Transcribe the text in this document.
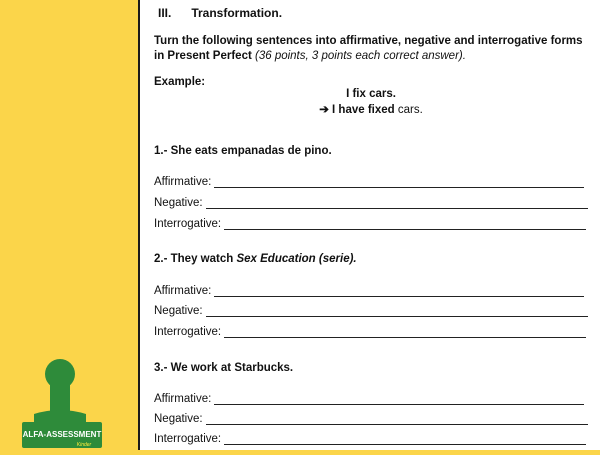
ALFA-ASSESSMENT
Kinder
III. Transformation.
Turn the following sentences into affirmative, negative and interrogative forms in Present Perfect (36 points, 3 points each correct answer).
Example:
I fix cars.
➔ I have fixed cars.
1.- She eats empanadas de pino.
Affirmative:
Negative:
Interrogative:
2.- They watch Sex Education (serie).
Affirmative:
Negative:
Interrogative:
3.- We work at Starbucks.
Affirmative:
Negative:
Interrogative:
